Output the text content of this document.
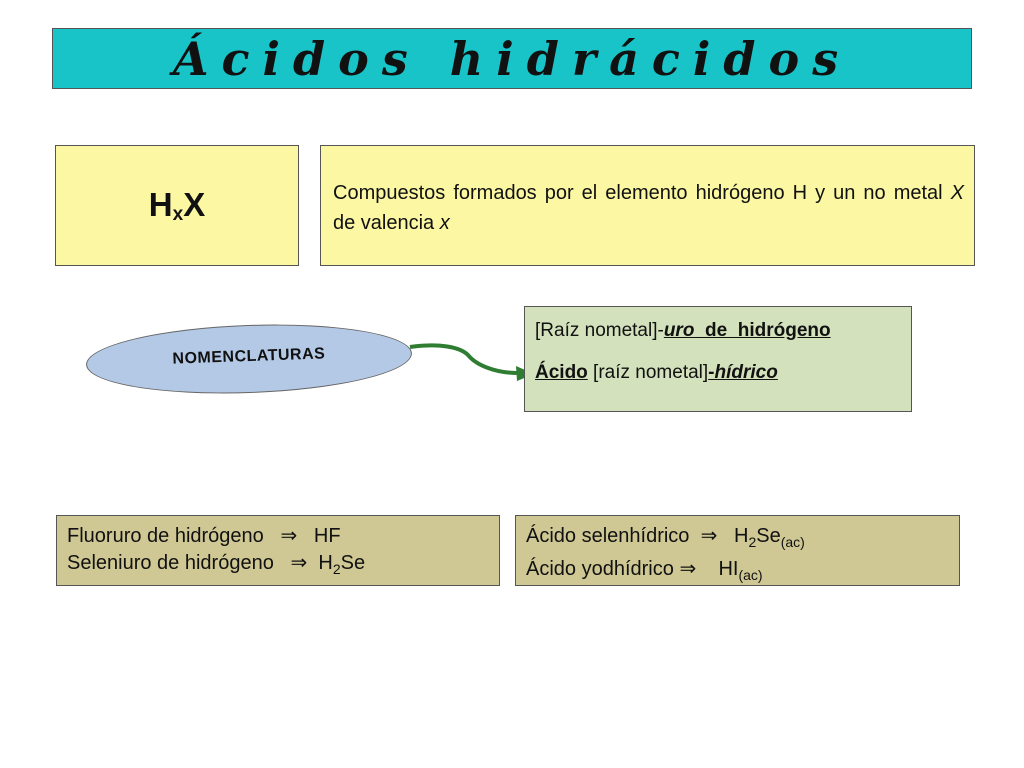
Ácidos hidrácidos
$H_xX$	Compuestos formados por el elemento hidrógeno H y un no metal X de valencia x
NOMENCLATURAS
[Raíz nometal]-uro de  hidrógeno
Ácido [raíz nometal]-hídrico
Fluoruro de hidrógeno ⇒ HF
Seleniuro de hidrógeno ⇒ $H_2Se$
Ácido selenhídrico ⇒ $H_2Se_{(ac)}$
Ácido yodhídrico ⇒ $HI_{(ac)}$
